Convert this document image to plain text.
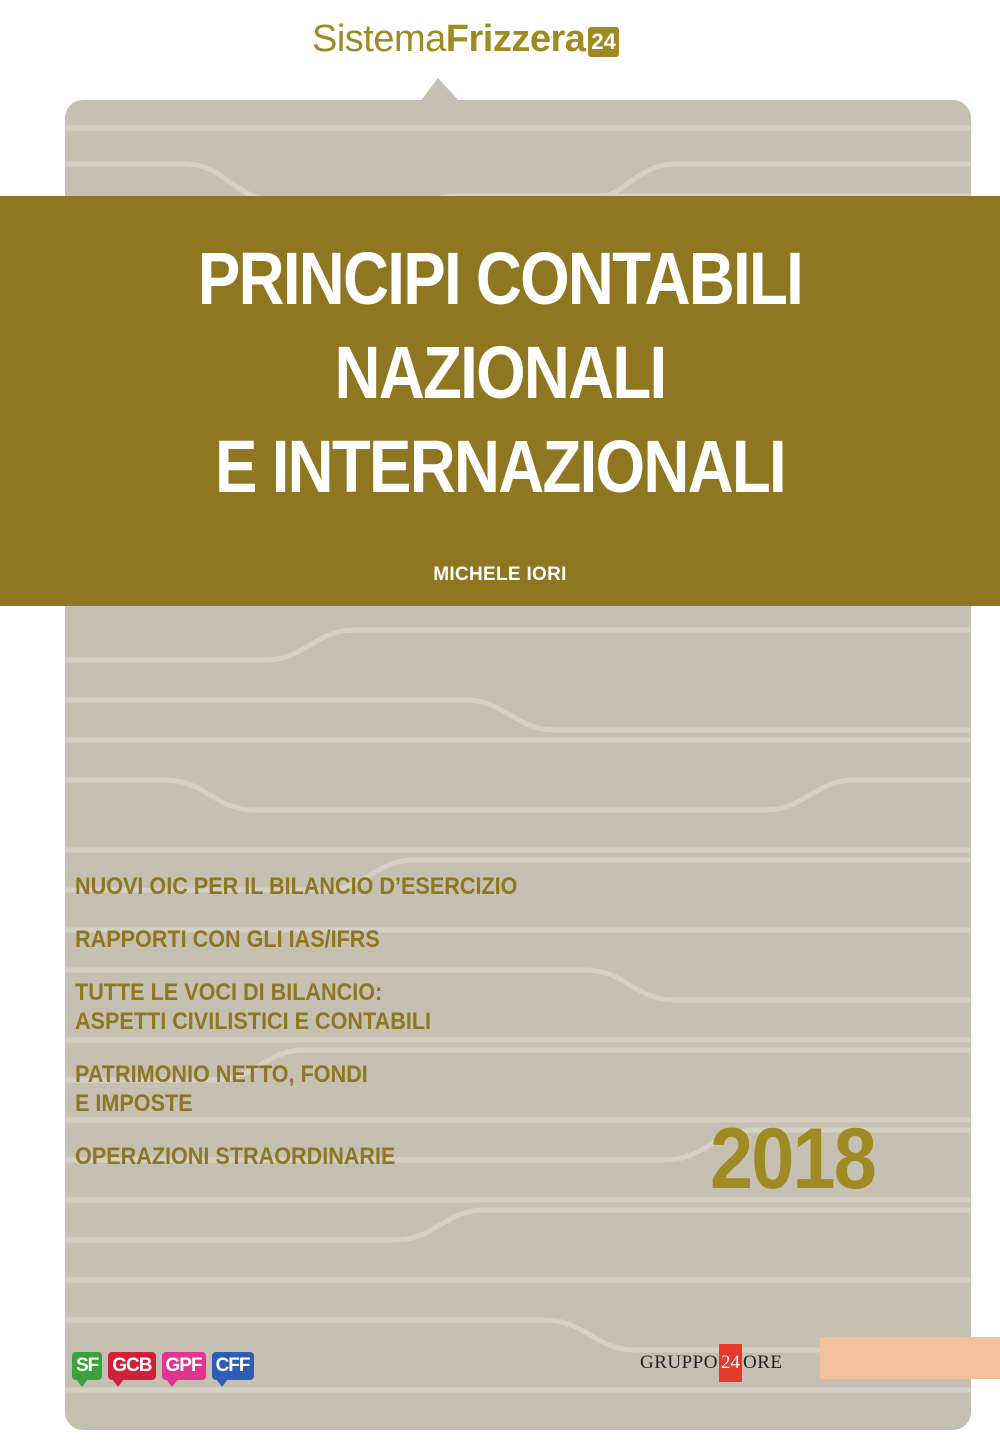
Sistema Frizzera 24
PRINCIPI CONTABILI
NAZIONALI
E INTERNAZIONALI
MICHELE IORI
NUOVI OIC PER IL BILANCIO D’ESERCIZIO
RAPPORTI CON GLI IAS/IFRS
TUTTE LE VOCI DI BILANCIO:
ASPETTI CIVILISTICI E CONTABILI
PATRIMONIO NETTO, FONDI
E IMPOSTE
OPERAZIONI STRAORDINARIE	2018
SF GCB GPF CFF	GRUPPO 24 ORE
